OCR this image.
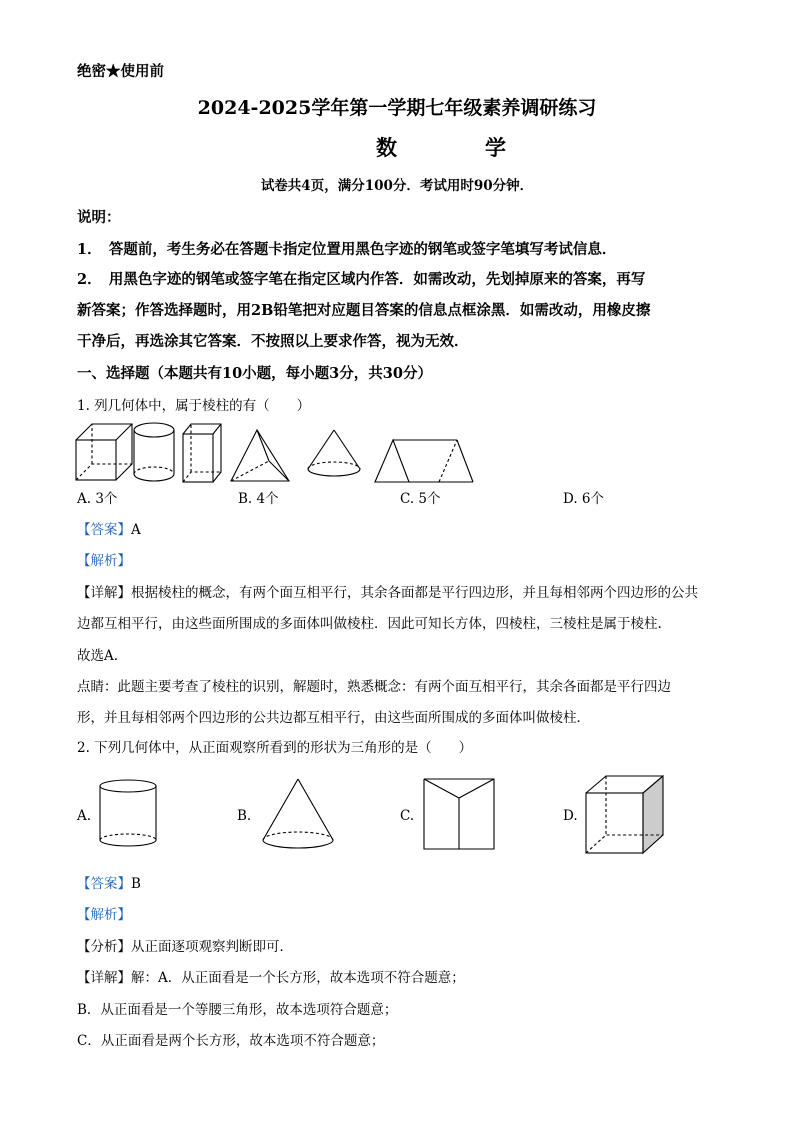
绝密★使用前
2024-2025学年第一学期七年级素养调研练习
数学
试卷共4页，满分100分．考试用时90分钟．
说明：
1．　答题前，考生务必在答题卡指定位置用黑色字迹的钢笔或签字笔填写考试信息．
2．　用黑色字迹的钢笔或签字笔在指定区域内作答．如需改动，先划掉原来的答案，再写
新答案；作答选择题时，用2B铅笔把对应题目答案的信息点框涂黑．如需改动，用橡皮擦
干净后，再选涂其它答案．不按照以上要求作答，视为无效．
一、选择题（本题共有10小题，每小题3分，共30分）
1. 列几何体中，属于棱柱的有（　　）
A. 3个	B. 4个	C. 5个	D. 6个
【答案】A
【解析】
【详解】根据棱柱的概念，有两个面互相平行，其余各面都是平行四边形，并且每相邻两个四边形的公共
边都互相平行，由这些面所围成的多面体叫做棱柱．因此可知长方体，四棱柱，三棱柱是属于棱柱.
故选A.
点睛：此题主要考查了棱柱的识别，解题时，熟悉概念：有两个面互相平行，其余各面都是平行四边
形，并且每相邻两个四边形的公共边都互相平行，由这些面所围成的多面体叫做棱柱．
2. 下列几何体中，从正面观察所看到的形状为三角形的是（　　）
A.	B.	C.	D.
【答案】B
【解析】
【分析】从正面逐项观察判断即可．
【详解】解：A．从正面看是一个长方形，故本选项不符合题意；
B．从正面看是一个等腰三角形，故本选项符合题意；
C．从正面看是两个长方形，故本选项不符合题意；
